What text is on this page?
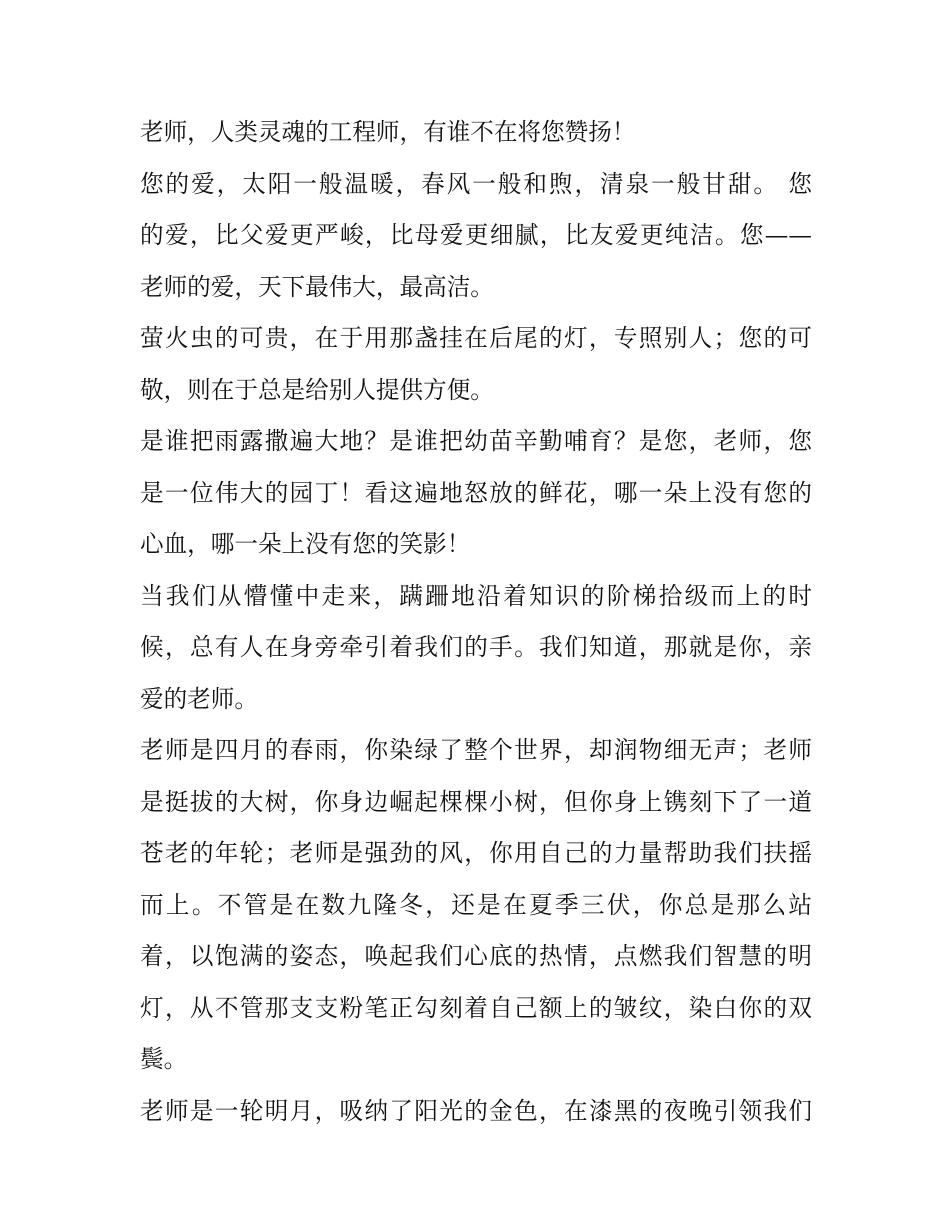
老师，人类灵魂的工程师，有谁不在将您赞扬！
您的爱，太阳一般温暖，春风一般和煦，清泉一般甘甜。 您
的爱，比父爱更严峻，比母爱更细腻，比友爱更纯洁。您——
老师的爱，天下最伟大，最高洁。
萤火虫的可贵，在于用那盏挂在后尾的灯，专照别人；您的可
敬，则在于总是给别人提供方便。
是谁把雨露撒遍大地？是谁把幼苗辛勤哺育？是您，老师，您
是一位伟大的园丁！看这遍地怒放的鲜花，哪一朵上没有您的
心血，哪一朵上没有您的笑影！
当我们从懵懂中走来，蹒跚地沿着知识的阶梯拾级而上的时
候，总有人在身旁牵引着我们的手。我们知道，那就是你，亲
爱的老师。
老师是四月的春雨，你染绿了整个世界，却润物细无声；老师
是挺拔的大树，你身边崛起棵棵小树，但你身上镌刻下了一道
苍老的年轮；老师是强劲的风，你用自己的力量帮助我们扶摇
而上。不管是在数九隆冬，还是在夏季三伏，你总是那么站
着，以饱满的姿态，唤起我们心底的热情，点燃我们智慧的明
灯，从不管那支支粉笔正勾刻着自己额上的皱纹，染白你的双
鬓。
老师是一轮明月，吸纳了阳光的金色，在漆黑的夜晚引领我们
